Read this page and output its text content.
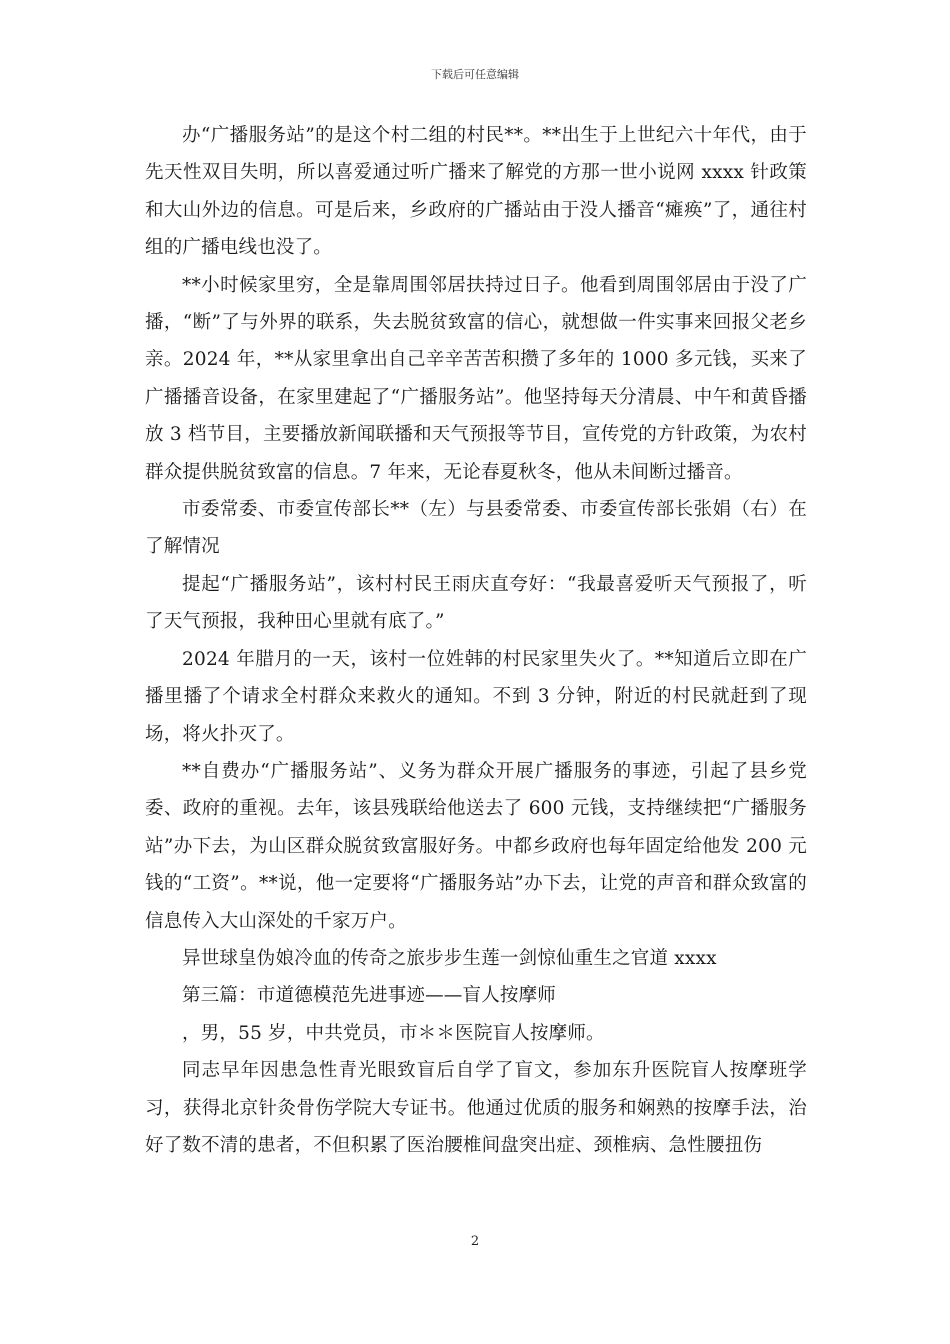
下载后可任意编辑

办“广播服务站”的是这个村二组的村民**。**出生于上世纪六十年代，由于先天性双目失明，所以喜爱通过听广播来了解党的方那一世小说网 xxxx 针政策和大山外边的信息。可是后来，乡政府的广播站由于没人播音“瘫痪”了，通往村组的广播电线也没了。

**小时候家里穷，全是靠周围邻居扶持过日子。他看到周围邻居由于没了广播，“断”了与外界的联系，失去脱贫致富的信心，就想做一件实事来回报父老乡亲。2024 年，**从家里拿出自己辛辛苦苦积攒了多年的 1000 多元钱，买来了广播播音设备，在家里建起了“广播服务站”。他坚持每天分清晨、中午和黄昏播放 3 档节目，主要播放新闻联播和天气预报等节目，宣传党的方针政策，为农村群众提供脱贫致富的信息。7 年来，无论春夏秋冬，他从未间断过播音。

市委常委、市委宣传部长**（左）与县委常委、市委宣传部长张娟（右）在了解情况

提起“广播服务站”，该村村民王雨庆直夸好：“我最喜爱听天气预报了，听了天气预报，我种田心里就有底了。”

2024 年腊月的一天，该村一位姓韩的村民家里失火了。**知道后立即在广播里播了个请求全村群众来救火的通知。不到 3 分钟，附近的村民就赶到了现场，将火扑灭了。

**自费办“广播服务站”、义务为群众开展广播服务的事迹，引起了县乡党委、政府的重视。去年，该县残联给他送去了 600 元钱，支持继续把“广播服务站”办下去，为山区群众脱贫致富服好务。中都乡政府也每年固定给他发 200 元钱的“工资”。**说，他一定要将“广播服务站”办下去，让党的声音和群众致富的信息传入大山深处的千家万户。

异世球皇伪娘冷血的传奇之旅步步生莲一剑惊仙重生之官道 xxxx

第三篇：市道德模范先进事迹——盲人按摩师

，男，55 岁，中共党员，市＊＊医院盲人按摩师。

同志早年因患急性青光眼致盲后自学了盲文，参加东升医院盲人按摩班学习，获得北京针灸骨伤学院大专证书。他通过优质的服务和娴熟的按摩手法，治好了数不清的患者，不但积累了医治腰椎间盘突出症、颈椎病、急性腰扭伤

2
